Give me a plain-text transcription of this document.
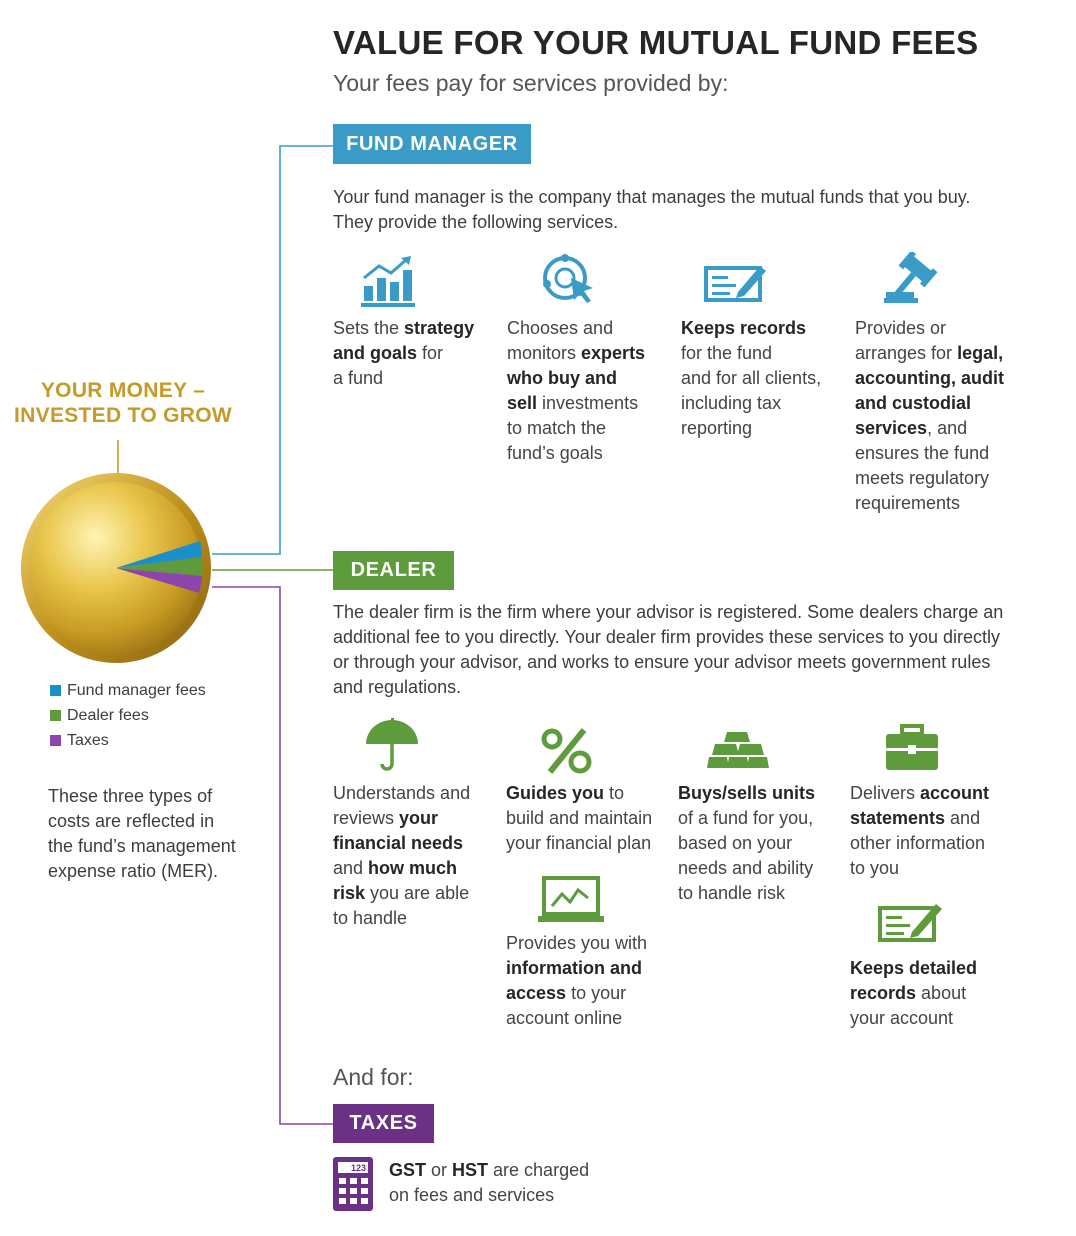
VALUE FOR YOUR MUTUAL FUND FEES
Your fees pay for services provided by:
YOUR MONEY –
INVESTED TO GROW
Fund manager fees
Dealer fees
Taxes
These three types of
costs are reflected in
the fund’s management
expense ratio (MER).
FUND MANAGER
Your fund manager is the company that manages the mutual funds that you buy.
They provide the following services.
Sets the strategy
and goals for
a fund
Chooses and
monitors experts
who buy and
sell investments
to match the
fund’s goals
Keeps records
for the fund
and for all clients,
including tax
reporting
Provides or
arranges for legal,
accounting, audit
and custodial
services, and
ensures the fund
meets regulatory
requirements
DEALER
The dealer firm is the firm where your advisor is registered. Some dealers charge an
additional fee to you directly. Your dealer firm provides these services to you directly
or through your advisor, and works to ensure your advisor meets government rules
and regulations.
Understands and
reviews your
financial needs
and how much
risk you are able
to handle
Guides you to
build and maintain
your financial plan
Buys/sells units
of a fund for you,
based on your
needs and ability
to handle risk
Delivers account
statements and
other information
to you
Provides you with
information and
access to your
account online
Keeps detailed
records about
your account
And for:
TAXES
123 GST or HST are charged
on fees and services
